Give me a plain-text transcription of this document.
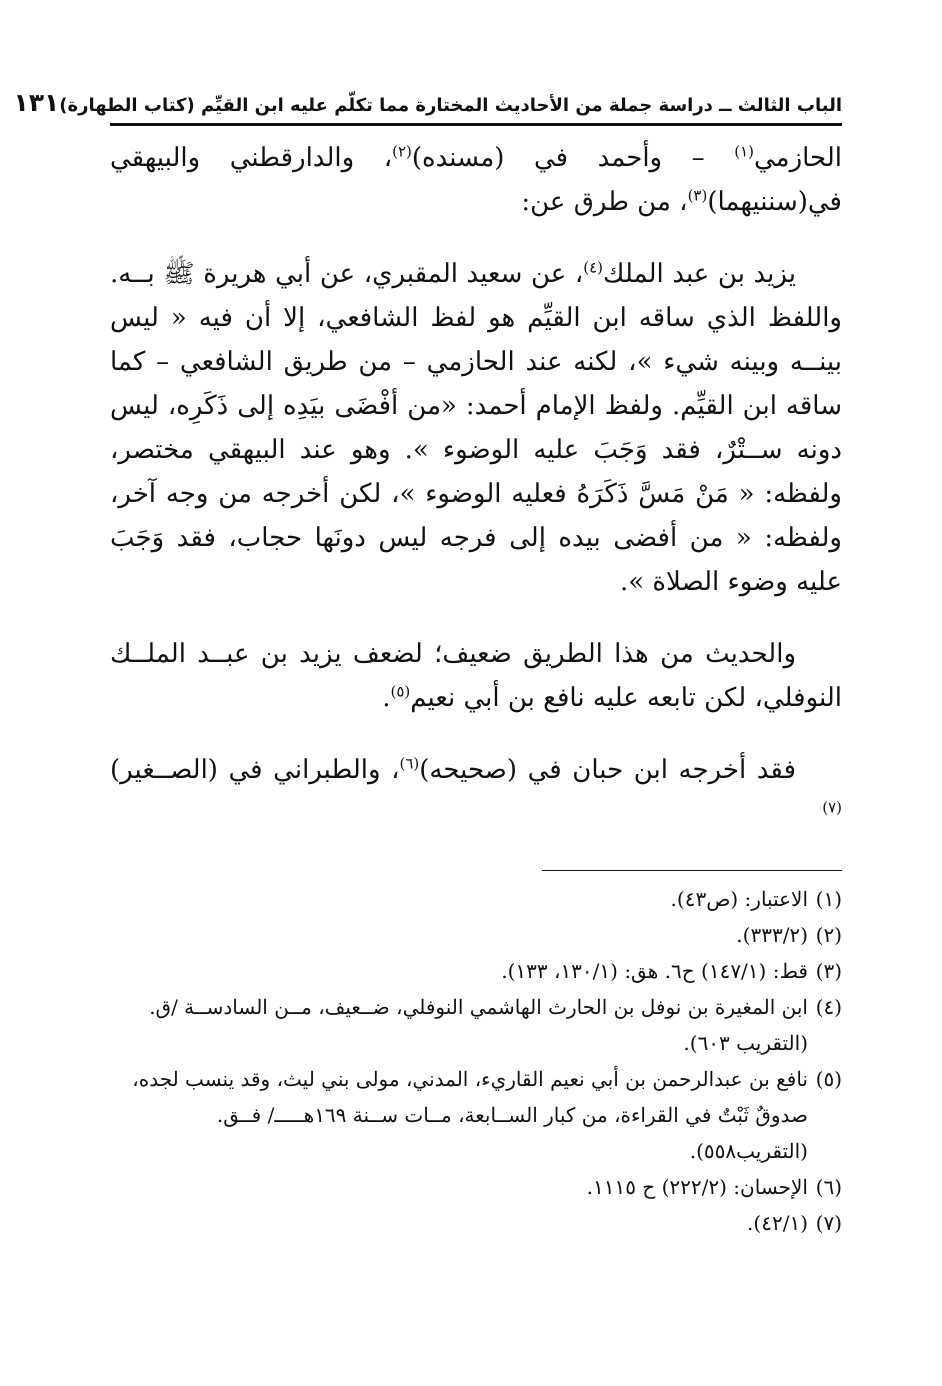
الباب الثالث ــ دراسة جملة من الأحاديث المختارة مما تكلّم عليه ابن القيِّم (كتاب الطهارة)
١٣١

الحازمي$^{(١)}$ – وأحمد في (مسنده)$^{(٢)}$، والدارقطني والبيهقي في(سننيهما)$^{(٣)}$، من طرق عن:

يزيد بن عبد الملك$^{(٤)}$، عن سعيد المقبري، عن أبي هريرة ﷺ بــه. واللفظ الذي ساقه ابن القيِّم هو لفظ الشافعي، إلا أن فيه « ليس بينــه وبينه شيء »، لكنه عند الحازمي – من طريق الشافعي – كما ساقه ابن القيِّم. ولفظ الإمام أحمد: «من أفْضَى بيَدِه إلى ذَكَرِه، ليس دونه ســتْرٌ، فقد وَجَبَ عليه الوضوء ». وهو عند البيهقي مختصر، ولفظه: « مَنْ مَسَّ ذَكَرَهُ فعليه الوضوء »، لكن أخرجه من وجه آخر، ولفظه: « من أفضى بيده إلى فرجه ليس دونَها حجاب، فقد وَجَبَ عليه وضوء الصلاة ».

والحديث من هذا الطريق ضعيف؛ لضعف يزيد بن عبــد الملــك النوفلي، لكن تابعه عليه نافع بن أبي نعيم$^{(٥)}$.

فقد أخرجه ابن حبان في (صحيحه)$^{(٦)}$، والطبراني في (الصــغير)$^{(٧)}$

(١)الاعتبار: (ص٤٣).

(٢)(٣٣٣/٢).

(٣)قط: (١٤٧/١) ح٦. هق: (١٣٠/١، ١٣٣).

(٤)ابن المغيرة بن نوفل بن الحارث الهاشمي النوفلي، ضــعيف، مــن السادســة /ق. (التقريب ٦٠٣).

(٥)نافع بن عبدالرحمن بن أبي نعيم القاريء، المدني، مولى بني ليث، وقد ينسب لجده، صدوقٌ ثَبْتٌ في القراءة، من كبار الســابعة، مــات ســنة ١٦٩هـــــ/ فــق. (التقريب٥٥٨).

(٦)الإحسان: (٢٢٢/٢) ح ١١١٥.

(٧)(٤٢/١).
